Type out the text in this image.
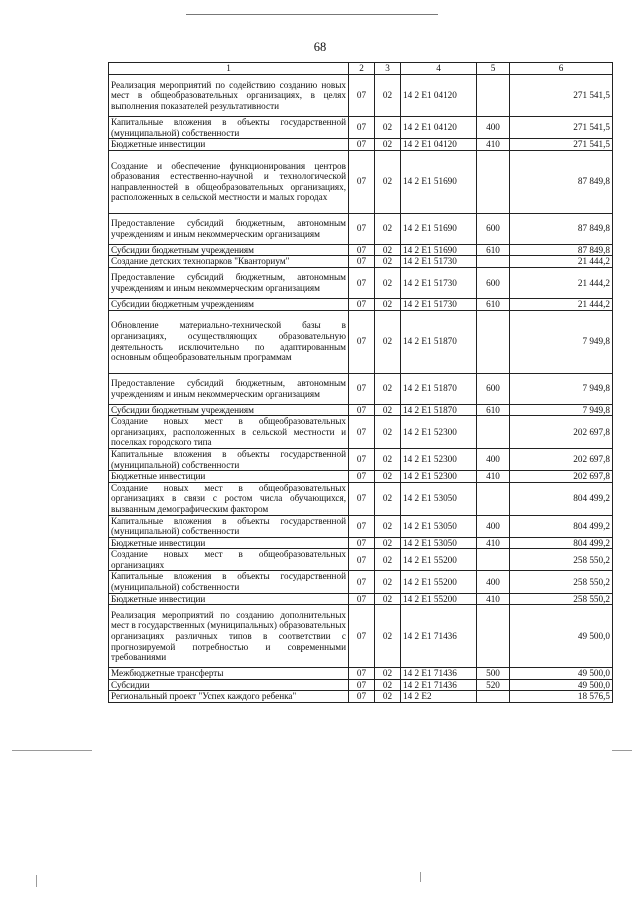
68
1	2	3	4	5	6
Реализация мероприятий по содействию созданию новых мест в общеобразовательных организациях, в целях выполнения показателей результативности	07	02	14 2 E1 04120		271 541,5
Капитальные вложения в объекты государственной (муниципальной) собственности	07	02	14 2 E1 04120	400	271 541,5
Бюджетные инвестиции	07	02	14 2 E1 04120	410	271 541,5
Создание и обеспечение функционирования центров образования естественно-научной и технологической направленностей в общеобразовательных организациях, расположенных в сельской местности и малых городах	07	02	14 2 E1 51690		87 849,8
Предоставление субсидий бюджетным, автономным учреждениям и иным некоммерческим организациям	07	02	14 2 E1 51690	600	87 849,8
Субсидии бюджетным учреждениям	07	02	14 2 E1 51690	610	87 849,8
Создание детских технопарков "Кванториум"	07	02	14 2 E1 51730		21 444,2
Предоставление субсидий бюджетным, автономным учреждениям и иным некоммерческим организациям	07	02	14 2 E1 51730	600	21 444,2
Субсидии бюджетным учреждениям	07	02	14 2 E1 51730	610	21 444,2
Обновление материально-технической базы в организациях, осуществляющих образовательную деятельность исключительно по адаптированным основным общеобразовательным программам	07	02	14 2 E1 51870		7 949,8
Предоставление субсидий бюджетным, автономным учреждениям и иным некоммерческим организациям	07	02	14 2 E1 51870	600	7 949,8
Субсидии бюджетным учреждениям	07	02	14 2 E1 51870	610	7 949,8
Создание новых мест в общеобразовательных организациях, расположенных в сельской местности и поселках городского типа	07	02	14 2 E1 52300		202 697,8
Капитальные вложения в объекты государственной (муниципальной) собственности	07	02	14 2 E1 52300	400	202 697,8
Бюджетные инвестиции	07	02	14 2 E1 52300	410	202 697,8
Создание новых мест в общеобразовательных организациях в связи с ростом числа обучающихся, вызванным демографическим фактором	07	02	14 2 E1 53050		804 499,2
Капитальные вложения в объекты государственной (муниципальной) собственности	07	02	14 2 E1 53050	400	804 499,2
Бюджетные инвестиции	07	02	14 2 E1 53050	410	804 499,2
Создание новых мест в общеобразовательных организациях	07	02	14 2 E1 55200		258 550,2
Капитальные вложения в объекты государственной (муниципальной) собственности	07	02	14 2 E1 55200	400	258 550,2
Бюджетные инвестиции	07	02	14 2 E1 55200	410	258 550,2
Реализация мероприятий по созданию дополнительных мест в государственных (муниципальных) образовательных организациях различных типов в соответствии с прогнозируемой потребностью и современными требованиями	07	02	14 2 E1 71436		49 500,0
Межбюджетные трансферты	07	02	14 2 E1 71436	500	49 500,0
Субсидии	07	02	14 2 E1 71436	520	49 500,0
Региональный проект "Успех каждого ребенка"	07	02	14 2 E2		18 576,5
